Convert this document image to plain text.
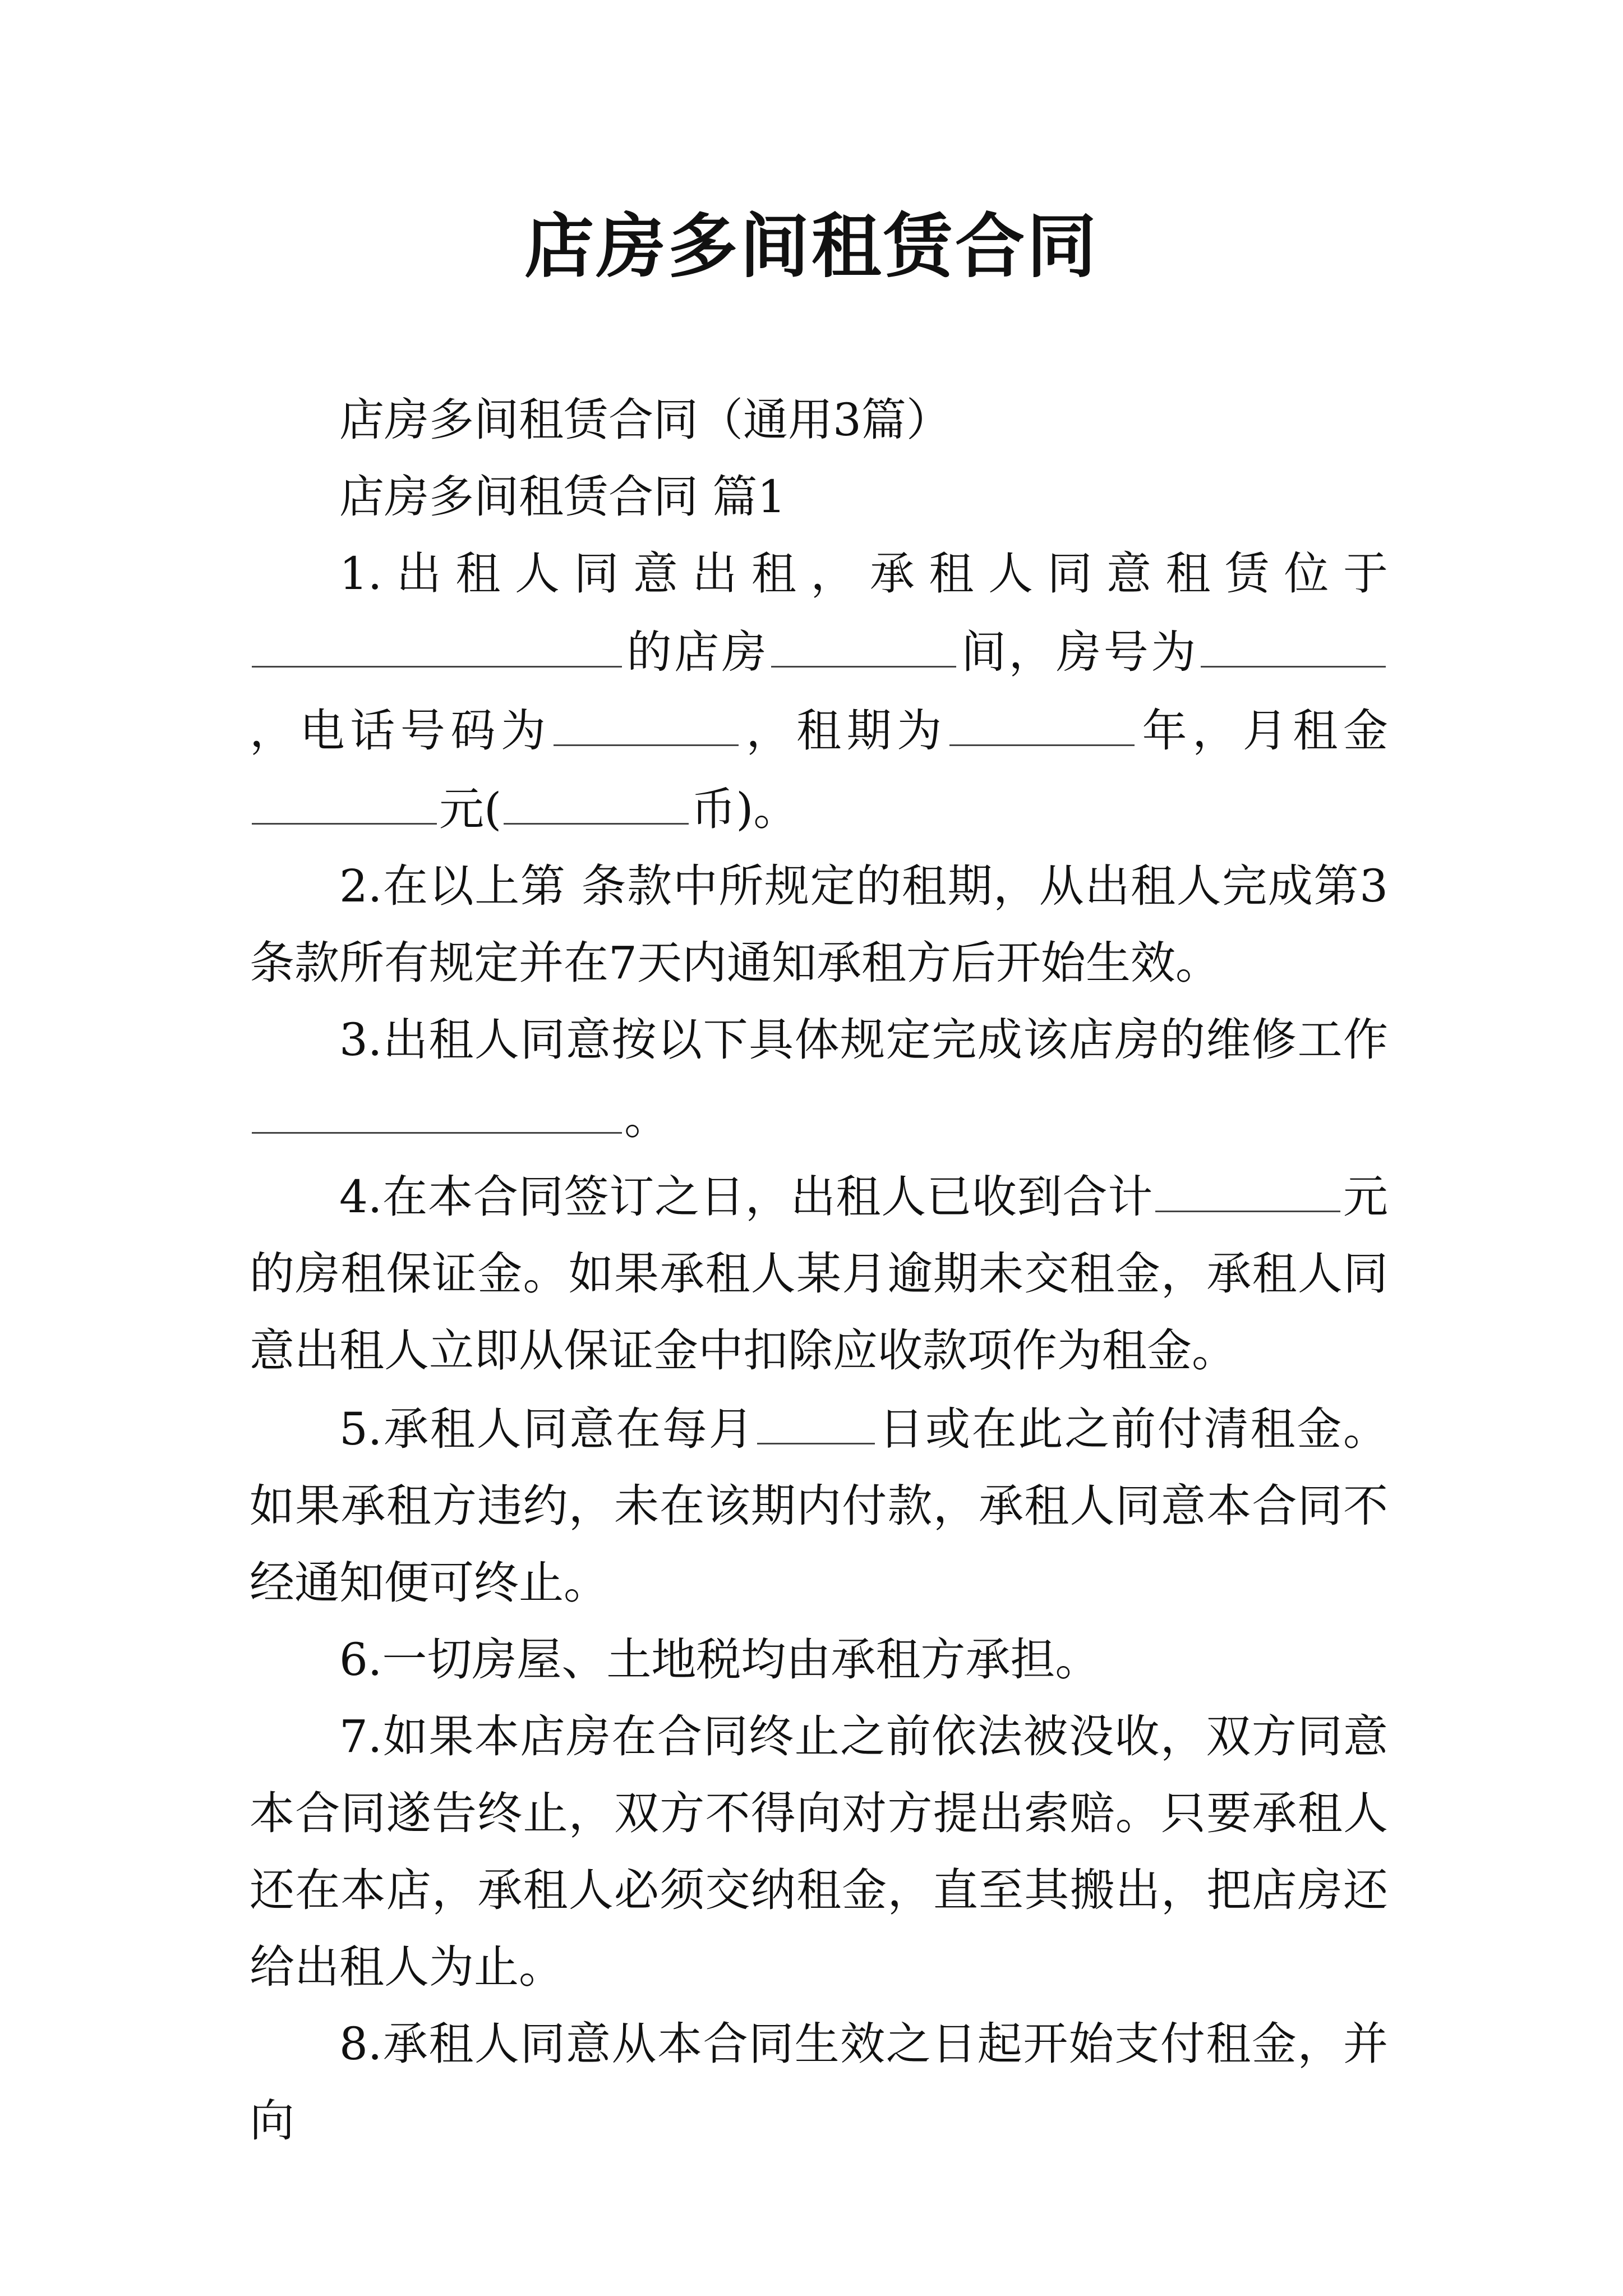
店房多间租赁合同

店房多间租赁合同（通用3篇）

店房多间租赁合同 篇1

1.出租人同意出租，承租人同意租赁位于的店房	间，房号为，电话号码为	，租期为	年，月租金元(	币)。

2.在以上第 条款中所规定的租期，从出租人完成第3条款所有规定并在7天内通知承租方后开始生效。

3.出租人同意按以下具体规定完成该店房的维修工作。

4.在本合同签订之日，出租人已收到合计	元的房租保证金。如果承租人某月逾期未交租金，承租人同意出租人立即从保证金中扣除应收款项作为租金。

5.承租人同意在每月	日或在此之前付清租金。如果承租方违约，未在该期内付款，承租人同意本合同不经通知便可终止。

6.一切房屋、土地税均由承租方承担。

7.如果本店房在合同终止之前依法被没收，双方同意本合同遂告终止，双方不得向对方提出索赔。只要承租人还在本店，承租人必须交纳租金，直至其搬出，把店房还给出租人为止。

8.承租人同意从本合同生效之日起开始支付租金，并向
